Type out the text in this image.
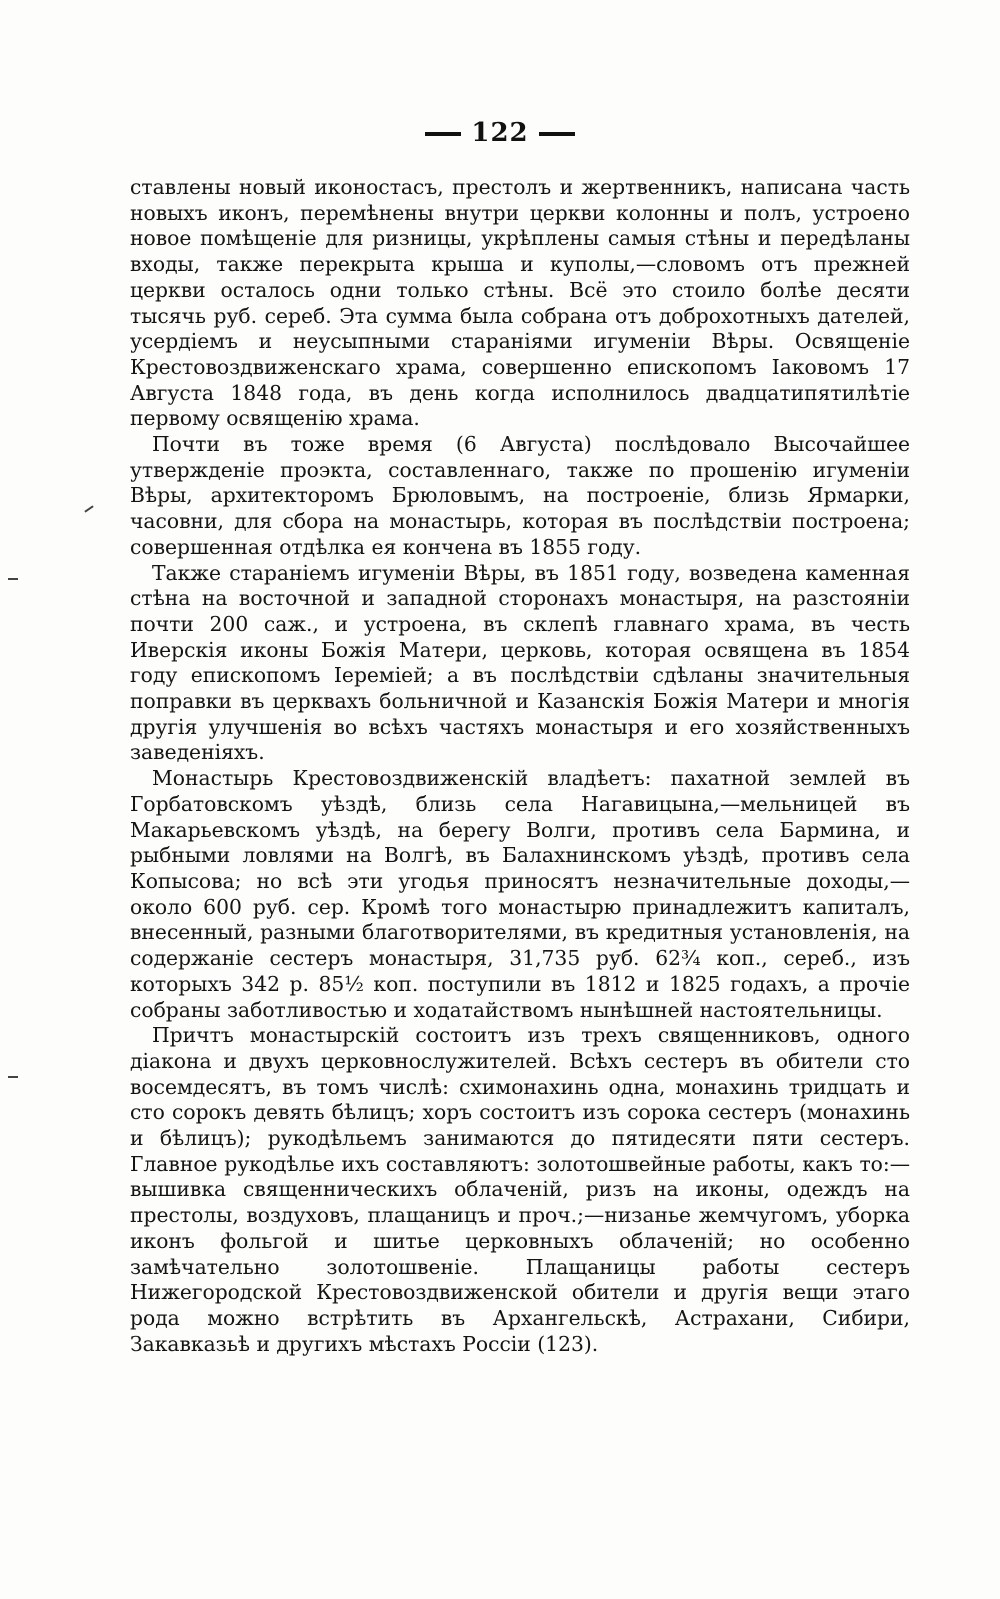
122

ставлены новый иконостасъ, престолъ и жертвенникъ, написана часть новыхъ иконъ, перемѣнены внутри церкви колонны и полъ, устроено новое помѣщеніе для ризницы, укрѣплены самыя стѣны и передѣланы входы, также перекрыта крыша и куполы,—словомъ отъ прежней церкви осталось одни только стѣны. Всё это стоило болѣе десяти тысячь руб. сереб. Эта сумма была собрана отъ доброхотныхъ дателей, усердіемъ и неусыпными стараніями игуменіи Вѣры. Освященіе Крестовоздвиженскаго храма, совершенно епископомъ Іаковомъ 17 Августа 1848 года, въ день когда исполнилось двадцатипятилѣтіе первому освященію храма.

Почти въ тоже время (6 Августа) послѣдовало Высочайшее утвержденіе проэкта, составленнаго, также по прошенію игуменіи Вѣры, архитекторомъ Брюловымъ, на построеніе, близь Ярмарки, часовни, для сбора на монастырь, которая въ послѣдствіи построена; совершенная отдѣлка ея кончена въ 1855 году.

Также стараніемъ игуменіи Вѣры, въ 1851 году, возведена каменная стѣна на восточной и западной сторонахъ монастыря, на разстояніи почти 200 саж., и устроена, въ склепѣ главнаго храма, въ честь Иверскія иконы Божія Матери, церковь, которая освящена въ 1854 году епископомъ Іереміей; а въ послѣдствіи сдѣланы значительныя поправки въ церквахъ больничной и Казанскія Божія Матери и многія другія улучшенія во всѣхъ частяхъ монастыря и его хозяйственныхъ заведеніяхъ.

Монастырь Крестовоздвиженскій владѣетъ: пахатной землей въ Горбатовскомъ уѣздѣ, близь села Нагавицына,—мельницей въ Макарьевскомъ уѣздѣ, на берегу Волги, противъ села Бармина, и рыбными ловлями на Волгѣ, въ Балахнинскомъ уѣздѣ, противъ села Копысова; но всѣ эти угодья приносятъ незначительные доходы,—около 600 руб. сер. Кромѣ того монастырю принадлежитъ капиталъ, внесенный, разными благотворителями, въ кредитныя установленія, на содержаніе сестеръ монастыря, 31,735 руб. 62¾ коп., сереб., изъ которыхъ 342 р. 85½ коп. поступили въ 1812 и 1825 годахъ, а прочіе собраны заботливостью и ходатайствомъ нынѣшней настоятельницы.

Причтъ монастырскій состоитъ изъ трехъ священниковъ, одного діакона и двухъ церковнослужителей. Всѣхъ сестеръ въ обители сто восемдесятъ, въ томъ числѣ: схимонахинь одна, монахинь тридцать и сто сорокъ девять бѣлицъ; хоръ состоитъ изъ сорока сестеръ (монахинь и бѣлицъ); рукодѣльемъ занимаются до пятидесяти пяти сестеръ. Главное рукодѣлье ихъ составляютъ: золотошвейные работы, какъ то:—вышивка священническихъ облаченій, ризъ на иконы, одеждъ на престолы, воздуховъ, плащаницъ и проч.;—низанье жемчугомъ, уборка иконъ фольгой и шитье церковныхъ облаченій; но особенно замѣчательно золотошвеніе. Плащаницы работы сестеръ Нижегородской Крестовоздвиженской обители и другія вещи этаго рода можно встрѣтить въ Архангельскѣ, Астрахани, Сибири, Закавказьѣ и другихъ мѣстахъ Россіи (123).
